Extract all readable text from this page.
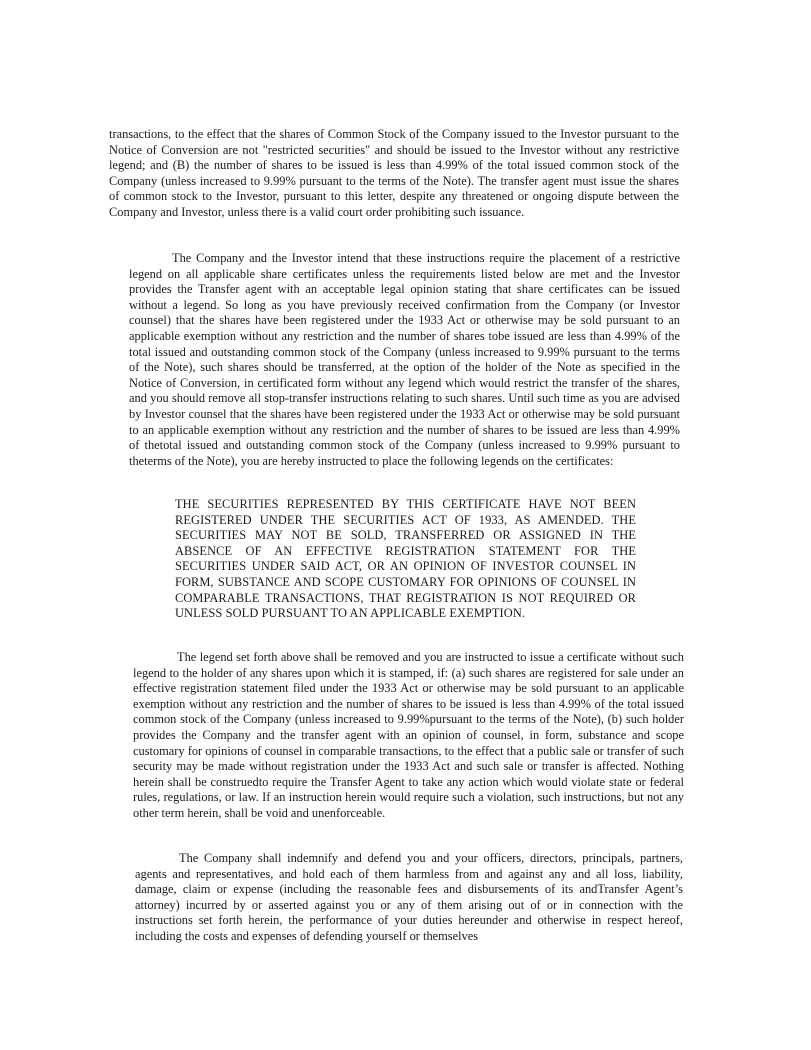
transactions, to the effect that the shares of Common Stock of the Company issued to the Investor pursuant to the Notice of Conversion are not "restricted securities" and should be issued to the Investor without any restrictive legend; and (B) the number of shares to be issued is less than 4.99% of the total issued common stock of the Company (unless increased to 9.99% pursuant to the terms of the Note). The transfer agent must issue the shares of common stock to the Investor, pursuant to this letter, despite any threatened or ongoing dispute between the Company and Investor, unless there is a valid court order prohibiting such issuance.

The Company and the Investor intend that these instructions require the placement of a restrictive legend on all applicable share certificates unless the requirements listed below are met and the Investor provides the Transfer agent with an acceptable legal opinion stating that share certificates can be issued without a legend. So long as you have previously received confirmation from the Company (or Investor counsel) that the shares have been registered under the 1933 Act or otherwise may be sold pursuant to an applicable exemption without any restriction and the number of shares tobe issued are less than 4.99% of the total issued and outstanding common stock of the Company (unless increased to 9.99% pursuant to the terms of the Note), such shares should be transferred, at the option of the holder of the Note as specified in the Notice of Conversion, in certificated form without any legend which would restrict the transfer of the shares, and you should remove all stop-transfer instructions relating to such shares. Until such time as you are advised by Investor counsel that the shares have been registered under the 1933 Act or otherwise may be sold pursuant to an applicable exemption without any restriction and the number of shares to be issued are less than 4.99% of thetotal issued and outstanding common stock of the Company (unless increased to 9.99% pursuant to theterms of the Note), you are hereby instructed to place the following legends on the certificates:

THE SECURITIES REPRESENTED BY THIS CERTIFICATE HAVE NOT BEEN REGISTERED UNDER THE SECURITIES ACT OF 1933, AS AMENDED. THE SECURITIES MAY NOT BE SOLD, TRANSFERRED OR ASSIGNED IN THE ABSENCE OF AN EFFECTIVE REGISTRATION STATEMENT FOR THE SECURITIES UNDER SAID ACT, OR AN OPINION OF INVESTOR COUNSEL IN FORM, SUBSTANCE AND SCOPE CUSTOMARY FOR OPINIONS OF COUNSEL IN COMPARABLE TRANSACTIONS, THAT REGISTRATION IS NOT REQUIRED OR UNLESS SOLD PURSUANT TO AN APPLICABLE EXEMPTION.

The legend set forth above shall be removed and you are instructed to issue a certificate without such legend to the holder of any shares upon which it is stamped, if: (a) such shares are registered for sale under an effective registration statement filed under the 1933 Act or otherwise may be sold pursuant to an applicable exemption without any restriction and the number of shares to be issued is less than 4.99% of the total issued common stock of the Company (unless increased to 9.99%pursuant to the terms of the Note), (b) such holder provides the Company and the transfer agent with an opinion of counsel, in form, substance and scope customary for opinions of counsel in comparable transactions, to the effect that a public sale or transfer of such security may be made without registration under the 1933 Act and such sale or transfer is affected. Nothing herein shall be construedto require the Transfer Agent to take any action which would violate state or federal rules, regulations, or law. If an instruction herein would require such a violation, such instructions, but not any other term herein, shall be void and unenforceable.

The Company shall indemnify and defend you and your officers, directors, principals, partners, agents and representatives, and hold each of them harmless from and against any and all loss, liability, damage, claim or expense (including the reasonable fees and disbursements of its andTransfer Agent’s attorney) incurred by or asserted against you or any of them arising out of or in connection with the instructions set forth herein, the performance of your duties hereunder and otherwise in respect hereof, including the costs and expenses of defending yourself or themselves
